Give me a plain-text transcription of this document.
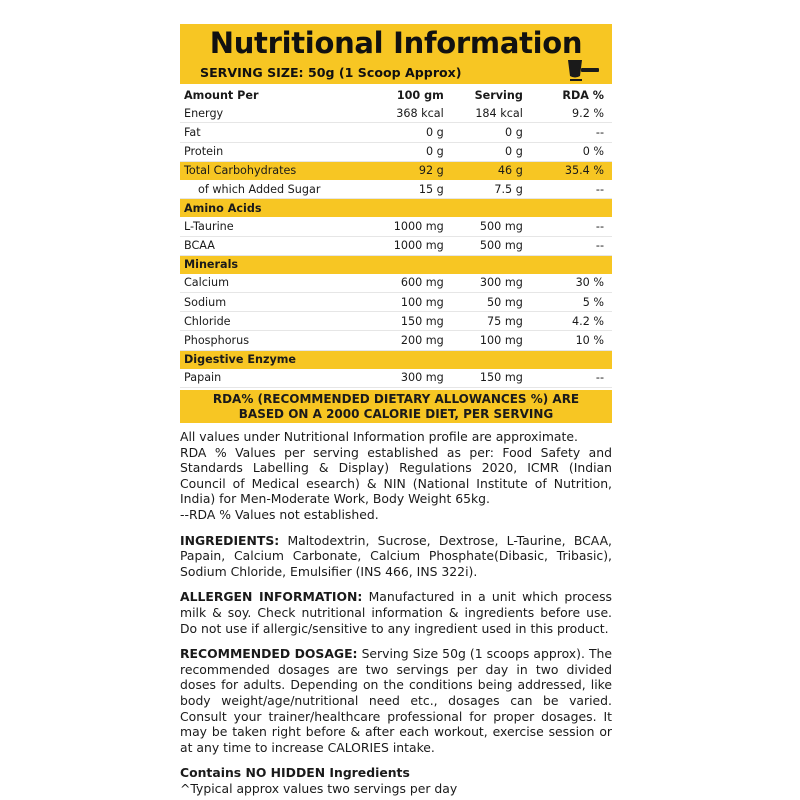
Nutritional Information
SERVING SIZE: 50g (1 Scoop Approx)
Amount Per	100 gm	Serving	RDA %
Energy	368 kcal	184 kcal	9.2 %
Fat	0 g	0 g	--
Protein	0 g	0 g	0 %
Total Carbohydrates	92 g	46 g	35.4 %
of which Added Sugar	15 g	7.5 g	--
Amino Acids			
L-Taurine	1000 mg	500 mg	--
BCAA	1000 mg	500 mg	--
Minerals			
Calcium	600 mg	300 mg	30 %
Sodium	100 mg	50 mg	5 %
Chloride	150 mg	75 mg	4.2 %
Phosphorus	200 mg	100 mg	10 %
Digestive Enzyme			
Papain	300 mg	150 mg	--
RDA% (RECOMMENDED DIETARY ALLOWANCES %) ARE
BASED ON A 2000 CALORIE DIET, PER SERVING
All values under Nutritional Information profile are approximate.
RDA % Values per serving established as per: Food Safety and Standards Labelling & Display) Regulations 2020, ICMR (Indian Council of Medical esearch) & NIN (National Institute of Nutrition, India) for Men-Moderate Work, Body Weight 65kg.
--RDA % Values not established.
INGREDIENTS: Maltodextrin, Sucrose, Dextrose, L-Taurine, BCAA, Papain, Calcium Carbonate, Calcium Phosphate(Dibasic, Tribasic), Sodium Chloride, Emulsifier (INS 466, INS 322i).
ALLERGEN INFORMATION: Manufactured in a unit which process milk & soy. Check nutritional information & ingredients before use. Do not use if allergic/sensitive to any ingredient used in this product.
RECOMMENDED DOSAGE: Serving Size 50g (1 scoops approx). The recommended dosages are two servings per day in two divided doses for adults. Depending on the conditions being addressed, like body weight/age/nutritional need etc., dosages can be varied. Consult your trainer/healthcare professional for proper dosages. It may be taken right before & after each workout, exercise session or at any time to increase CALORIES intake.
Contains NO HIDDEN Ingredients
^Typical approx values two servings per day
